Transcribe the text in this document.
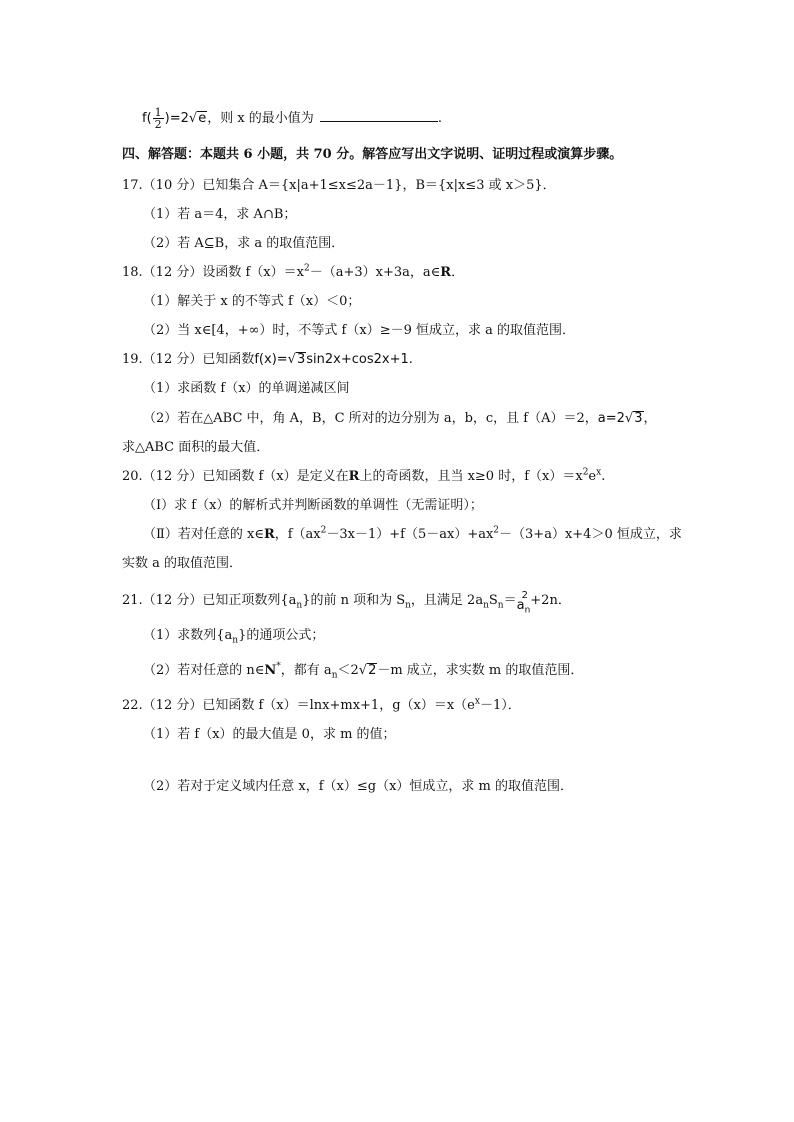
$f( \frac{1}{2} )=2√e$，则 x 的最小值为	.
四、解答题：本题共 6 小题，共 70 分。解答应写出文字说明、证明过程或演算步骤。
17.（10 分）已知集合 A＝{x|a+1≤x≤2a－1}，B＝{x|x≤3 或 x＞5}．
（1）若 a＝4，求 A∩B；
（2）若 A⊆B，求 a 的取值范围．
18.（12 分）设函数 $f(x)=x^2-(a+3)x+3a$，a∈R．
（1）解关于 x 的不等式 f（x）＜0；
（2）当 x∈[4，+∞）时，不等式 f（x）≥－9 恒成立，求 a 的取值范围．
19.（12 分）已知函数f(x)=√3sin2x+cos2x+1.
（1）求函数 f（x）的单调递减区间
（2）若在△ABC 中，角 A，B，C 所对的边分别为 a，b，c，且 f（A）＝2，a=2√3，
求△ABC 面积的最大值．
20.（12 分）已知函数 f（x）是定义在R上的奇函数，且当 x≥0 时，$f(x)=x^2e^x$.
（Ⅰ）求 f（x）的解析式并判断函数的单调性（无需证明）；
（Ⅱ）若对任意的 x∈R，$f(ax^2-3x-1)+f(5-ax)+ax^2-(3+a)x+4>0$ 恒成立，求
实数 a 的取值范围．
21.（12 分）已知正项数列$\{a_n\}$的前 n 项和为 $S_n$，且满足 $2a_nS_n= 2$
$a_n$
+2n．
（1）求数列$\{a_n\}$的通项公式；
（2）若对任意的 n∈N*，都有 $a_n<2√2-m$ 成立，求实数 m 的取值范围．
22.（12 分）已知函数 f（x）＝lnx+mx+1，$g(x)=x(e^x-1)$．
（1）若 f（x）的最大值是 0，求 m 的值；
（2）若对于定义域内任意 x，f（x）≤g（x）恒成立，求 m 的取值范围．
